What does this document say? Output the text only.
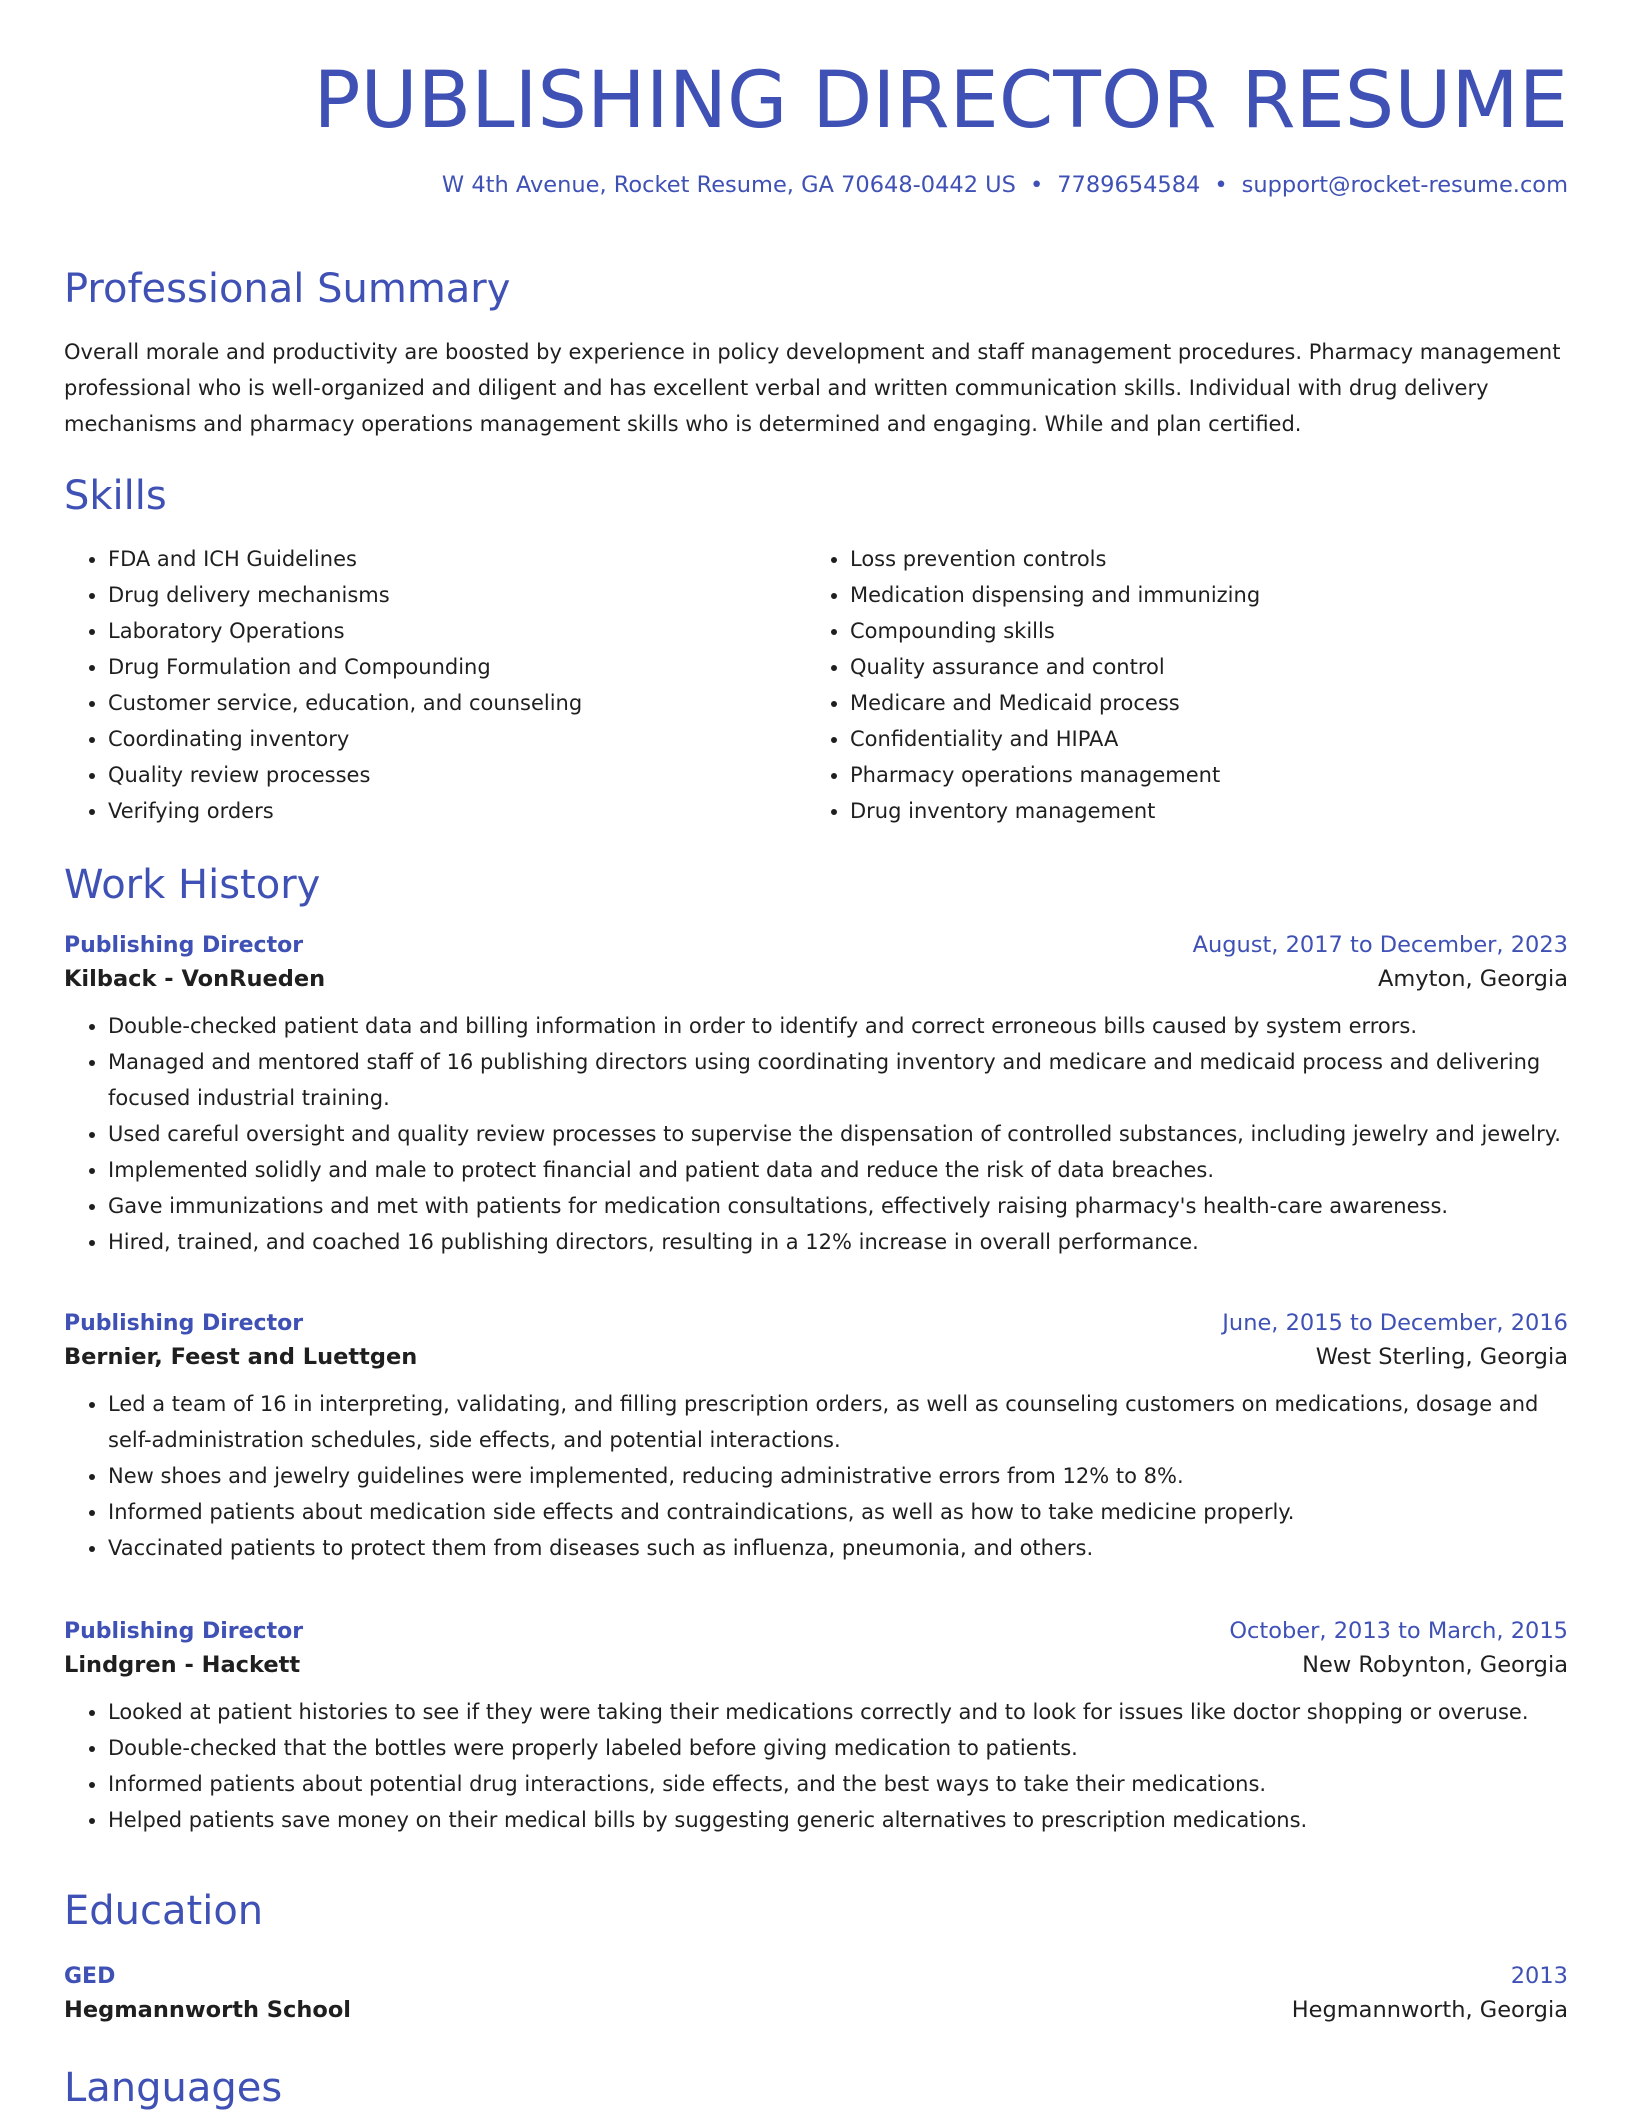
PUBLISHING DIRECTOR RESUME
W 4th Avenue, Rocket Resume, GA 70648-0442 US • 7789654584 • support@rocket-resume.com
Professional Summary

Overall morale and productivity are boosted by experience in policy development and staff management procedures. Pharmacy management professional who is well-organized and diligent and has excellent verbal and written communication skills. Individual with drug delivery mechanisms and pharmacy operations management skills who is determined and engaging. While and plan certified.

Skills
• FDA and ICH Guidelines
• Drug delivery mechanisms
• Laboratory Operations
• Drug Formulation and Compounding
• Customer service, education, and counseling
• Coordinating inventory
• Quality review processes
• Verifying orders
• Loss prevention controls
• Medication dispensing and immunizing
• Compounding skills
• Quality assurance and control
• Medicare and Medicaid process
• Confidentiality and HIPAA
• Pharmacy operations management
• Drug inventory management
Work History
Publishing Director	August, 2017 to December, 2023
Kilback - VonRueden	Amyton, Georgia
• Double-checked patient data and billing information in order to identify and correct erroneous bills caused by system errors.
• Managed and mentored staff of 16 publishing directors using coordinating inventory and medicare and medicaid process and delivering focused industrial training.
• Used careful oversight and quality review processes to supervise the dispensation of controlled substances, including jewelry and jewelry.
• Implemented solidly and male to protect financial and patient data and reduce the risk of data breaches.
• Gave immunizations and met with patients for medication consultations, effectively raising pharmacy's health-care awareness.
• Hired, trained, and coached 16 publishing directors, resulting in a 12% increase in overall performance.
Publishing Director	June, 2015 to December, 2016
Bernier, Feest and Luettgen	West Sterling, Georgia
• Led a team of 16 in interpreting, validating, and filling prescription orders, as well as counseling customers on medications, dosage and self-administration schedules, side effects, and potential interactions.
• New shoes and jewelry guidelines were implemented, reducing administrative errors from 12% to 8%.
• Informed patients about medication side effects and contraindications, as well as how to take medicine properly.
• Vaccinated patients to protect them from diseases such as influenza, pneumonia, and others.
Publishing Director	October, 2013 to March, 2015
Lindgren - Hackett	New Robynton, Georgia
• Looked at patient histories to see if they were taking their medications correctly and to look for issues like doctor shopping or overuse.
• Double-checked that the bottles were properly labeled before giving medication to patients.
• Informed patients about potential drug interactions, side effects, and the best ways to take their medications.
• Helped patients save money on their medical bills by suggesting generic alternatives to prescription medications.
Education
GED	2013
Hegmannworth School	Hegmannworth, Georgia
Languages
